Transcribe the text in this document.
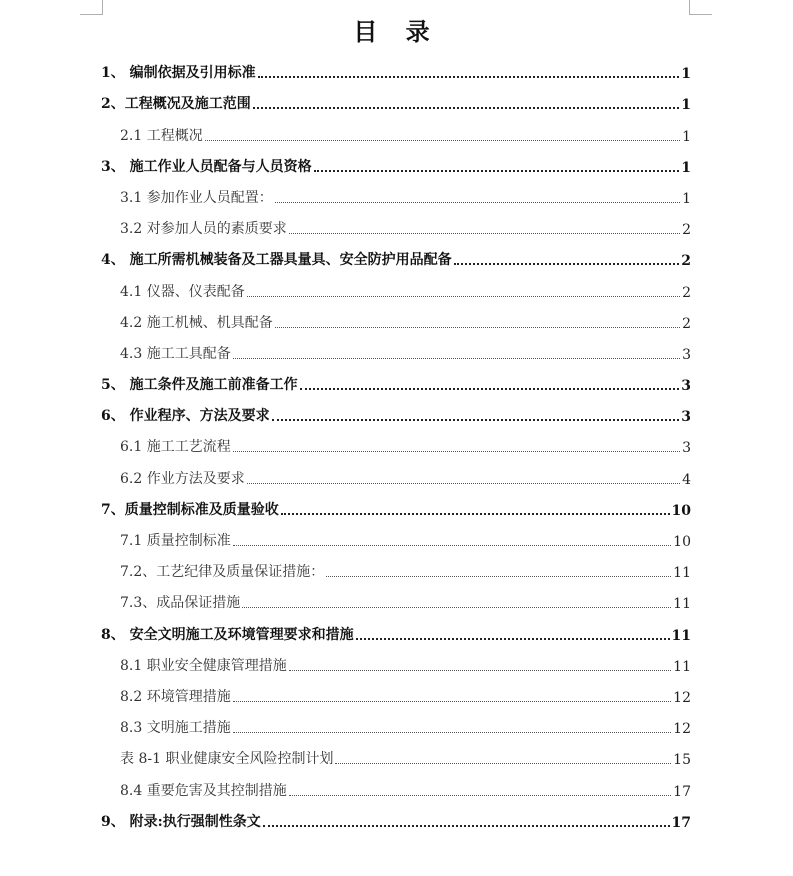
目 录
1、 编制依据及引用标准	1
2、工程概况及施工范围	1
2.1 工程概况	1
3、 施工作业人员配备与人员资格	1
3.1 参加作业人员配置：	1
3.2 对参加人员的素质要求	2
4、 施工所需机械装备及工器具量具、安全防护用品配备	2
4.1 仪器、仪表配备	2
4.2 施工机械、机具配备	2
4.3 施工工具配备	3
5、 施工条件及施工前准备工作	3
6、 作业程序、方法及要求	3
6.1 施工工艺流程	3
6.2 作业方法及要求	4
7、质量控制标准及质量验收	10
7.1 质量控制标准	10
7.2、工艺纪律及质量保证措施：	11
7.3、成品保证措施	11
8、 安全文明施工及环境管理要求和措施	11
8.1 职业安全健康管理措施	11
8.2 环境管理措施	12
8.3 文明施工措施	12
表 8-1 职业健康安全风险控制计划	15
8.4 重要危害及其控制措施	17
9、 附录:执行强制性条文	17
